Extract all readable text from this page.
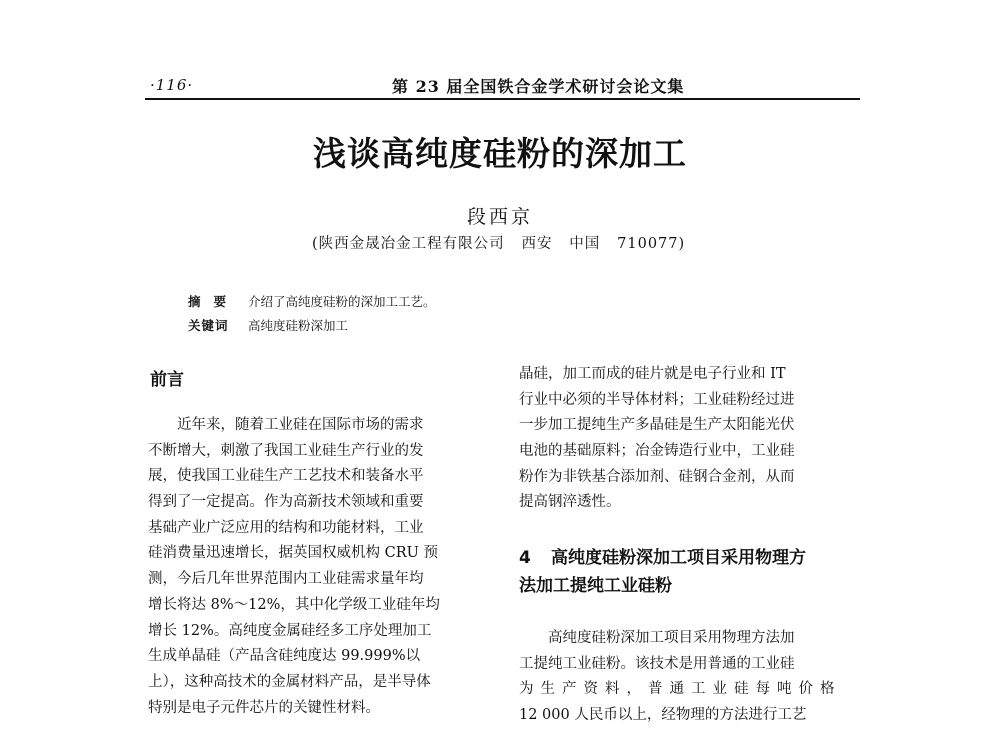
·116·	第 23 届全国铁合金学术研讨会论文集
浅谈高纯度硅粉的深加工
段西京
(陕西金晟冶金工程有限公司   西安   中国   710077)
摘要 介绍了高纯度硅粉的深加工工艺。
关键词 高纯度硅粉深加工
前言
近年来，随着工业硅在国际市场的需求
不断增大，刺激了我国工业硅生产行业的发
展，使我国工业硅生产工艺技术和装备水平
得到了一定提高。作为高新技术领域和重要
基础产业广泛应用的结构和功能材料，工业
硅消费量迅速增长，据英国权威机构 CRU 预
测，今后几年世界范围内工业硅需求量年均
增长将达 8%～12%，其中化学级工业硅年均
增长 12%。高纯度金属硅经多工序处理加工
生成单晶硅（产品含硅纯度达 99.999%以
上），这种高技术的金属材料产品，是半导体
特别是电子元件芯片的关键性材料。
晶硅，加工而成的硅片就是电子行业和 IT
行业中必须的半导体材料；工业硅粉经过进
一步加工提纯生产多晶硅是生产太阳能光伏
电池的基础原料；冶金铸造行业中，工业硅
粉作为非铁基合添加剂、硅钢合金剂，从而
提高钢淬透性。
4 高纯度硅粉深加工项目采用物理方
法加工提纯工业硅粉
高纯度硅粉深加工项目采用物理方法加
工提纯工业硅粉。该技术是用普通的工业硅
为生产资料，普通工业硅每吨价格
12 000 人民币以上，经物理的方法进行工艺
